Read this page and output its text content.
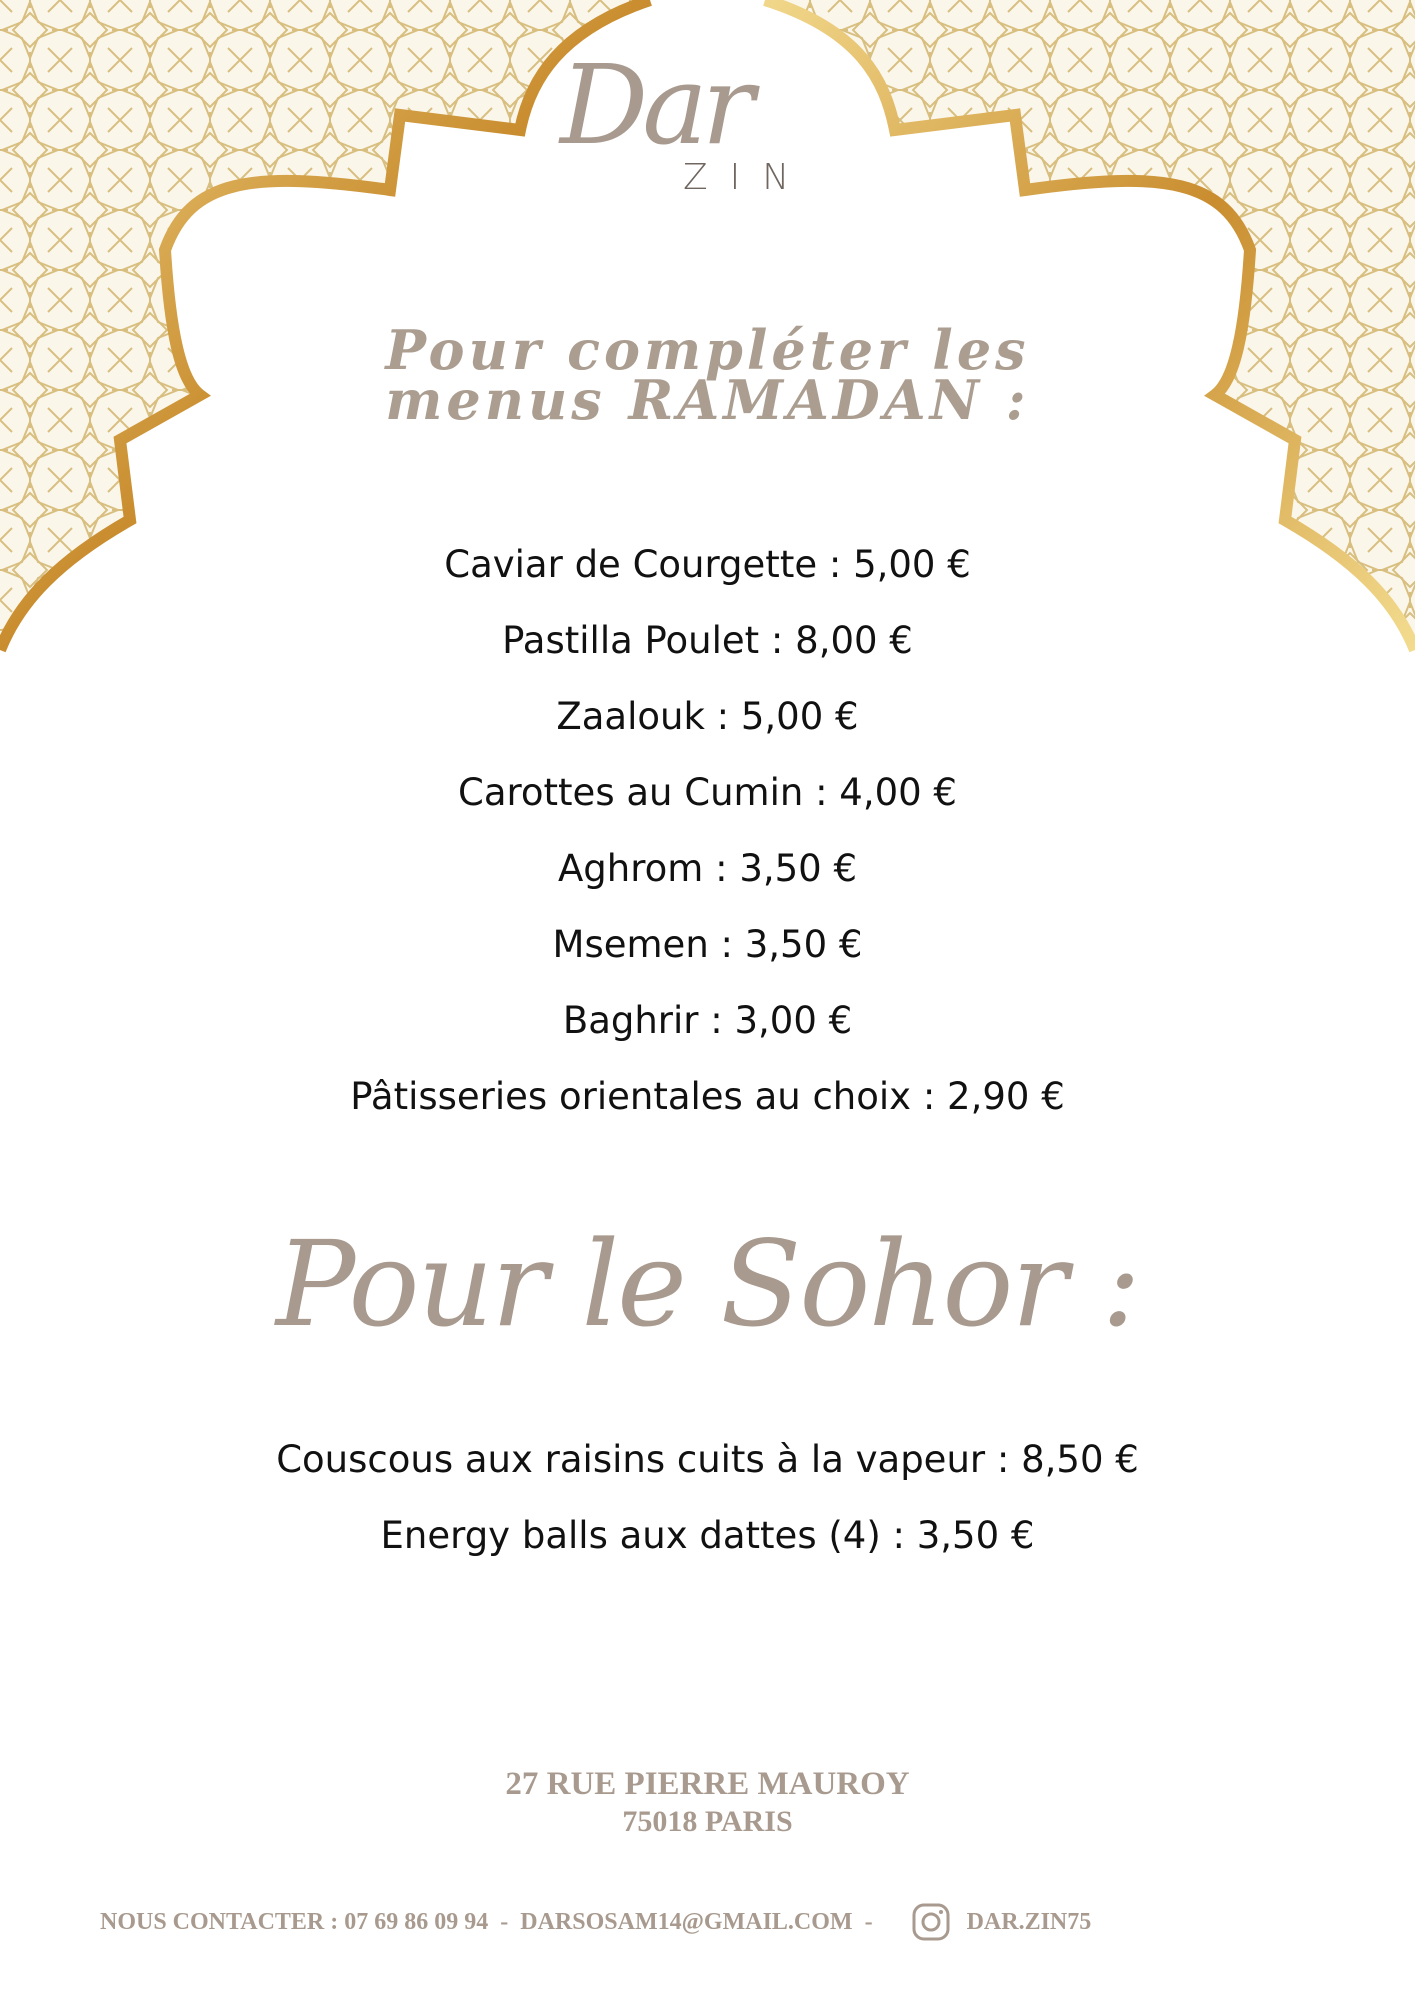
Dar
ZIN
Pour compléter les
menus RAMADAN :
Caviar de Courgette : 5,00 €
Pastilla Poulet : 8,00 €
Zaalouk : 5,00 €
Carottes au Cumin : 4,00 €
Aghrom : 3,50 €
Msemen : 3,50 €
Baghrir : 3,00 €
Pâtisseries orientales au choix : 2,90 €
Pour le Sohor :
Couscous aux raisins cuits à la vapeur : 8,50 €
Energy balls aux dattes (4) : 3,50 €
27 RUE PIERRE MAUROY
75018 PARIS
NOUS CONTACTER : 07 69 86 09 94 - DARSOSAM14@GMAIL.COM -	DAR.ZIN75
